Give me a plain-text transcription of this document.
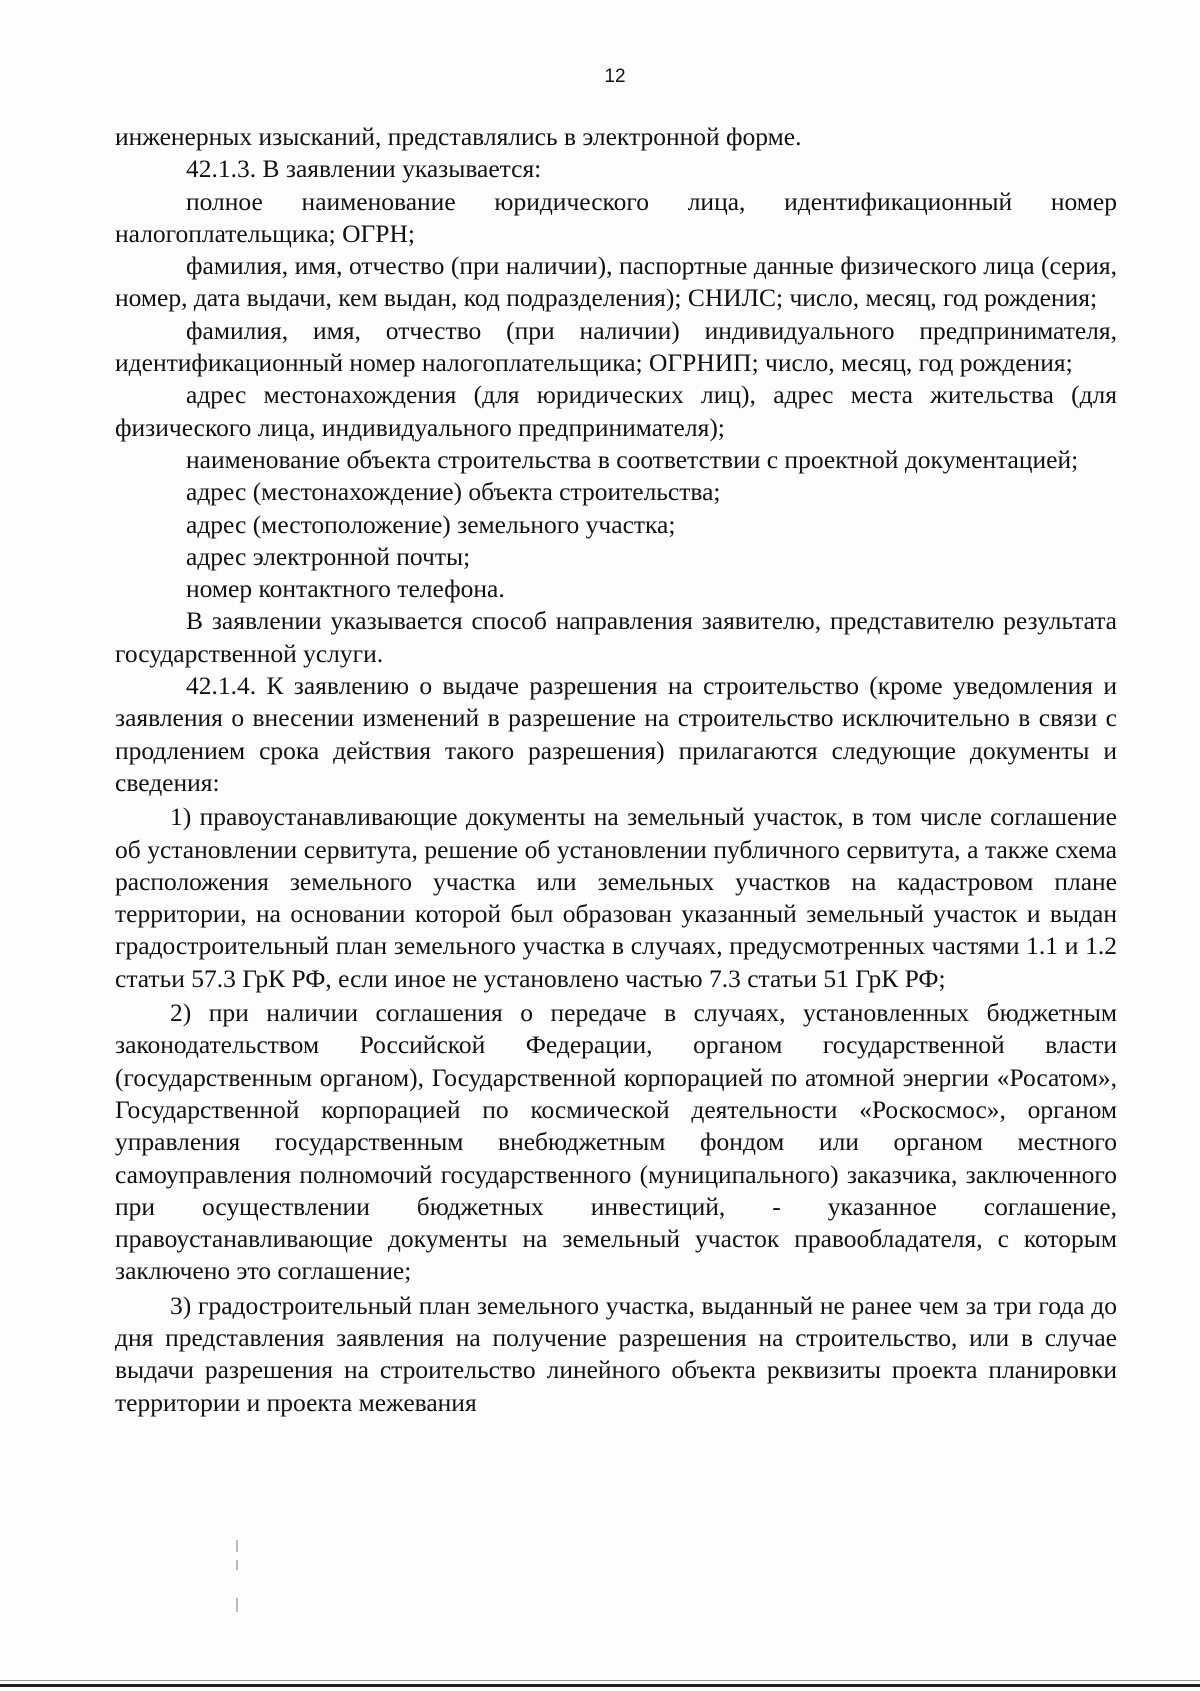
12

инженерных изысканий, представлялись в электронной форме.

42.1.3. В заявлении указывается:

полное наименование юридического лица, идентификационный номер налогоплательщика; ОГРН;

фамилия, имя, отчество (при наличии), паспортные данные физического лица (серия, номер, дата выдачи, кем выдан, код подразделения); СНИЛС; число, месяц, год рождения;

фамилия, имя, отчество (при наличии) индивидуального предпринимателя, идентификационный номер налогоплательщика; ОГРНИП; число, месяц, год рождения;

адрес местонахождения (для юридических лиц), адрес места жительства (для физического лица, индивидуального предпринимателя);

наименование объекта строительства в соответствии с проектной документацией;

адрес (местонахождение) объекта строительства;

адрес (местоположение) земельного участка;

адрес электронной почты;

номер контактного телефона.

В заявлении указывается способ направления заявителю, представителю результата государственной услуги.

42.1.4. К заявлению о выдаче разрешения на строительство (кроме уведомления и заявления о внесении изменений в разрешение на строительство исключительно в связи с продлением срока действия такого разрешения) прилагаются следующие документы и сведения:

1) правоустанавливающие документы на земельный участок, в том числе соглашение об установлении сервитута, решение об установлении публичного сервитута, а также схема расположения земельного участка или земельных участков на кадастровом плане территории, на основании которой был образован указанный земельный участок и выдан градостроительный план земельного участка в случаях, предусмотренных частями 1.1 и 1.2 статьи 57.3 ГрК РФ, если иное не установлено частью 7.3 статьи 51 ГрК РФ;

2) при наличии соглашения о передаче в случаях, установленных бюджетным законодательством Российской Федерации, органом государственной власти (государственным органом), Государственной корпорацией по атомной энергии «Росатом», Государственной корпорацией по космической деятельности «Роскосмос», органом управления государственным внебюджетным фондом или органом местного самоуправления полномочий государственного (муниципального) заказчика, заключенного при осуществлении бюджетных инвестиций, - указанное соглашение, правоустанавливающие документы на земельный участок правообладателя, с которым заключено это соглашение;

3) градостроительный план земельного участка, выданный не ранее чем за три года до дня представления заявления на получение разрешения на строительство, или в случае выдачи разрешения на строительство линейного объекта реквизиты проекта планировки территории и проекта межевания
